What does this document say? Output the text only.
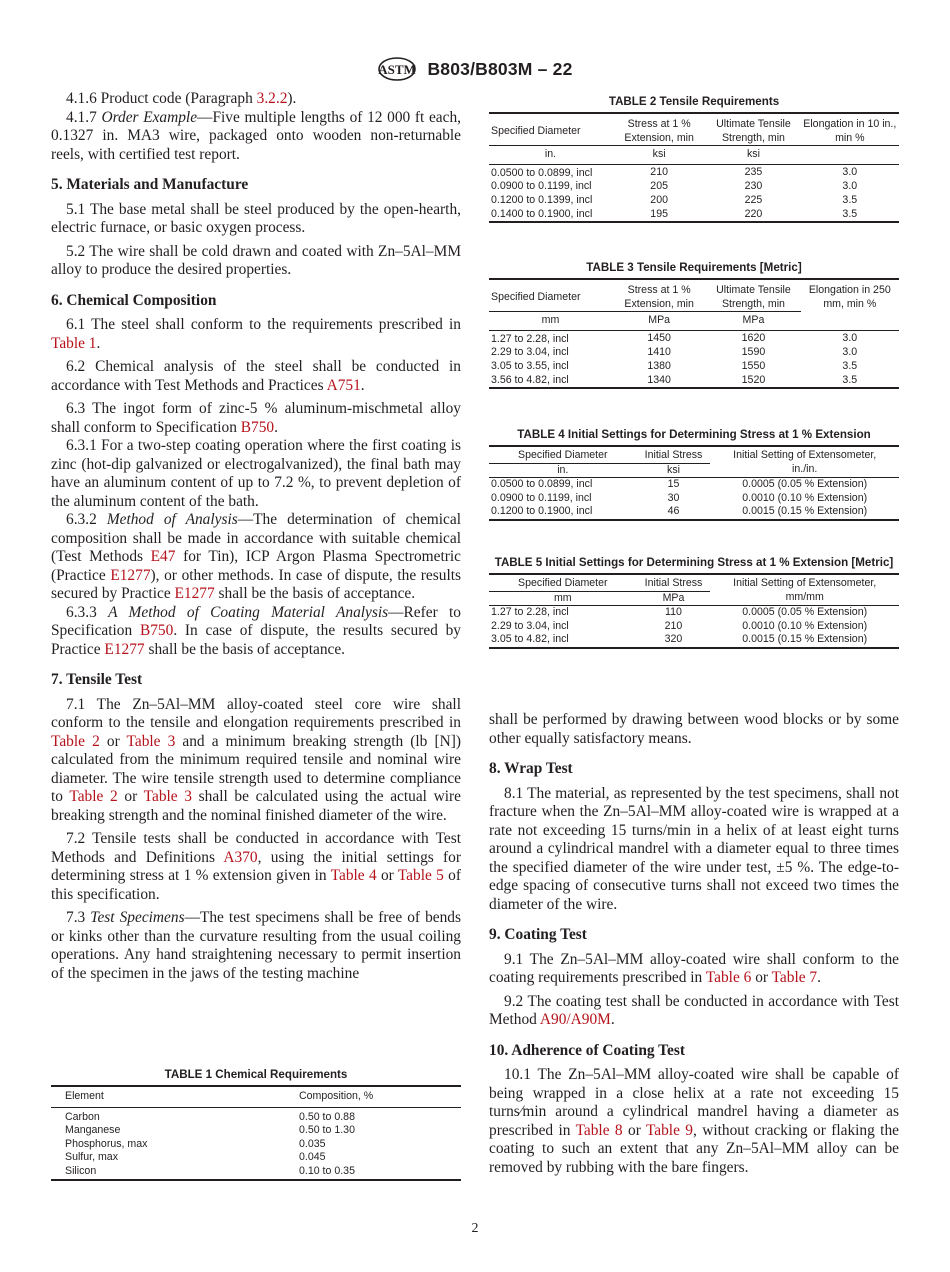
ASTM B803/B803M – 22

4.1.6 Product code (Paragraph 3.2.2).

4.1.7 Order Example—Five multiple lengths of 12 000 ft each, 0.1327 in. MA3 wire, packaged onto wooden non-returnable reels, with certified test report.

5. Materials and Manufacture

5.1 The base metal shall be steel produced by the open-hearth, electric furnace, or basic oxygen process.

5.2 The wire shall be cold drawn and coated with Zn–5Al–MM alloy to produce the desired properties.

6. Chemical Composition

6.1 The steel shall conform to the requirements prescribed in Table 1.

6.2 Chemical analysis of the steel shall be conducted in accordance with Test Methods and Practices A751.

6.3 The ingot form of zinc-5 % aluminum-mischmetal alloy shall conform to Specification B750.

6.3.1 For a two-step coating operation where the first coating is zinc (hot-dip galvanized or electrogalvanized), the final bath may have an aluminum content of up to 7.2 %, to prevent depletion of the aluminum content of the bath.

6.3.2 Method of Analysis—The determination of chemical composition shall be made in accordance with suitable chemical (Test Methods E47 for Tin), ICP Argon Plasma Spectrometric (Practice E1277), or other methods. In case of dispute, the results secured by Practice E1277 shall be the basis of acceptance.

6.3.3 A Method of Coating Material Analysis—Refer to Specification B750. In case of dispute, the results secured by Practice E1277 shall be the basis of acceptance.

7. Tensile Test

7.1 The Zn–5Al–MM alloy-coated steel core wire shall conform to the tensile and elongation requirements prescribed in Table 2 or Table 3 and a minimum breaking strength (lb [N]) calculated from the minimum required tensile and nominal wire diameter. The wire tensile strength used to determine compliance to Table 2 or Table 3 shall be calculated using the actual wire breaking strength and the nominal finished diameter of the wire.

7.2 Tensile tests shall be conducted in accordance with Test Methods and Definitions A370, using the initial settings for determining stress at 1 % extension given in Table 4 or Table 5 of this specification.

7.3 Test Specimens—The test specimens shall be free of bends or kinks other than the curvature resulting from the usual coiling operations. Any hand straightening necessary to permit insertion of the specimen in the jaws of the testing machine

TABLE 1 Chemical Requirements
Element	Composition, %
Carbon	0.50 to 0.88
Manganese	0.50 to 1.30
Phosphorus, max	0.035
Sulfur, max	0.045
Silicon	0.10 to 0.35
TABLE 2 Tensile Requirements
Specified Diameter	Stress at 1 % Extension, min	Ultimate Tensile Strength, min	Elongation in 10 in., min %

in.	ksi	ksi	
0.0500 to 0.0899, incl	210	235	3.0
0.0900 to 0.1199, incl	205	230	3.0
0.1200 to 0.1399, incl	200	225	3.5
0.1400 to 0.1900, incl	195	220	3.5
TABLE 3 Tensile Requirements [Metric]
Specified Diameter	Stress at 1 % Extension, min	Ultimate Tensile Strength, min	Elongation in 250 mm, min %

mm	MPa	MPa	
1.27 to 2.28, incl	1450	1620	3.0
2.29 to 3.04, incl	1410	1590	3.0
3.05 to 3.55, incl	1380	1550	3.5
3.56 to 4.82, incl	1340	1520	3.5
TABLE 4 Initial Settings for Determining Stress at 1 % Extension
Specified Diameter	Initial Stress	Initial Setting of Extensometer,
in.	ksi	in./in.
0.0500 to 0.0899, incl	15	0.0005 (0.05 % Extension)
0.0900 to 0.1199, incl	30	0.0010 (0.10 % Extension)
0.1200 to 0.1900, incl	46	0.0015 (0.15 % Extension)
TABLE 5 Initial Settings for Determining Stress at 1 % Extension [Metric]
Specified Diameter	Initial Stress	Initial Setting of Extensometer,
mm	MPa	mm/mm
1.27 to 2.28, incl	110	0.0005 (0.05 % Extension)
2.29 to 3.04, incl	210	0.0010 (0.10 % Extension)
3.05 to 4.82, incl	320	0.0015 (0.15 % Extension)

shall be performed by drawing between wood blocks or by some other equally satisfactory means.

8. Wrap Test

8.1 The material, as represented by the test specimens, shall not fracture when the Zn–5Al–MM alloy-coated wire is wrapped at a rate not exceeding 15 turns/min in a helix of at least eight turns around a cylindrical mandrel with a diameter equal to three times the specified diameter of the wire under test, ±5 %. The edge-to-edge spacing of consecutive turns shall not exceed two times the diameter of the wire.

9. Coating Test

9.1 The Zn–5Al–MM alloy-coated wire shall conform to the coating requirements prescribed in Table 6 or Table 7.

9.2 The coating test shall be conducted in accordance with Test Method A90/A90M.

10. Adherence of Coating Test

10.1 The Zn–5Al–MM alloy-coated wire shall be capable of being wrapped in a close helix at a rate not exceeding 15 turns⁄min around a cylindrical mandrel having a diameter as prescribed in Table 8 or Table 9, without cracking or flaking the coating to such an extent that any Zn–5Al–MM alloy can be removed by rubbing with the bare fingers.

2
